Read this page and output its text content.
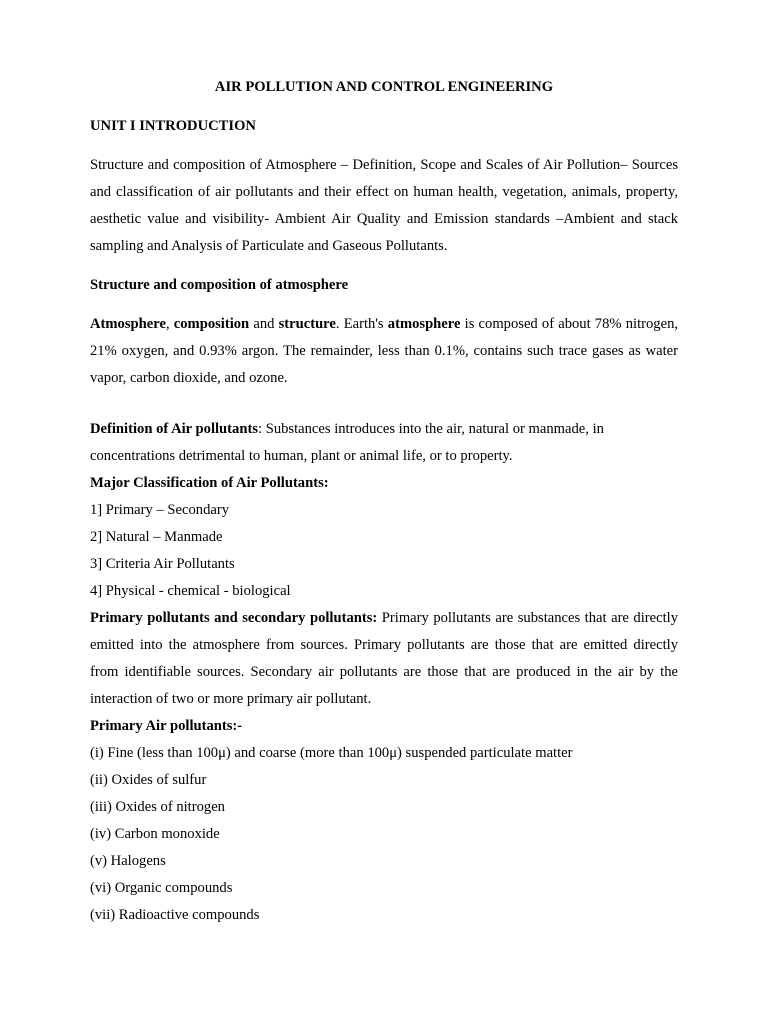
AIR POLLUTION AND CONTROL ENGINEERING
UNIT I INTRODUCTION
Structure and composition of Atmosphere – Definition, Scope and Scales of Air Pollution– Sources and classification of air pollutants and their effect on human health, vegetation, animals, property, aesthetic value and visibility- Ambient Air Quality and Emission standards –Ambient and stack sampling and Analysis of Particulate and Gaseous Pollutants.
Structure and composition of atmosphere
Atmosphere, composition and structure. Earth's atmosphere is composed of about 78% nitrogen, 21% oxygen, and 0.93% argon. The remainder, less than 0.1%, contains such trace gases as water vapor, carbon dioxide, and ozone.
Definition of Air pollutants: Substances introduces into the air, natural or manmade, in concentrations detrimental to human, plant or animal life, or to property.
Major Classification of Air Pollutants:
1] Primary – Secondary
2] Natural – Manmade
3] Criteria Air Pollutants
4] Physical - chemical - biological
Primary pollutants and secondary pollutants: Primary pollutants are substances that are directly emitted into the atmosphere from sources. Primary pollutants are those that are emitted directly from identifiable sources. Secondary air pollutants are those that are produced in the air by the interaction of two or more primary air pollutant.
Primary Air pollutants:-
(i) Fine (less than 100μ) and coarse (more than 100μ) suspended particulate matter
(ii) Oxides of sulfur
(iii) Oxides of nitrogen
(iv) Carbon monoxide
(v) Halogens
(vi) Organic compounds
(vii) Radioactive compounds
